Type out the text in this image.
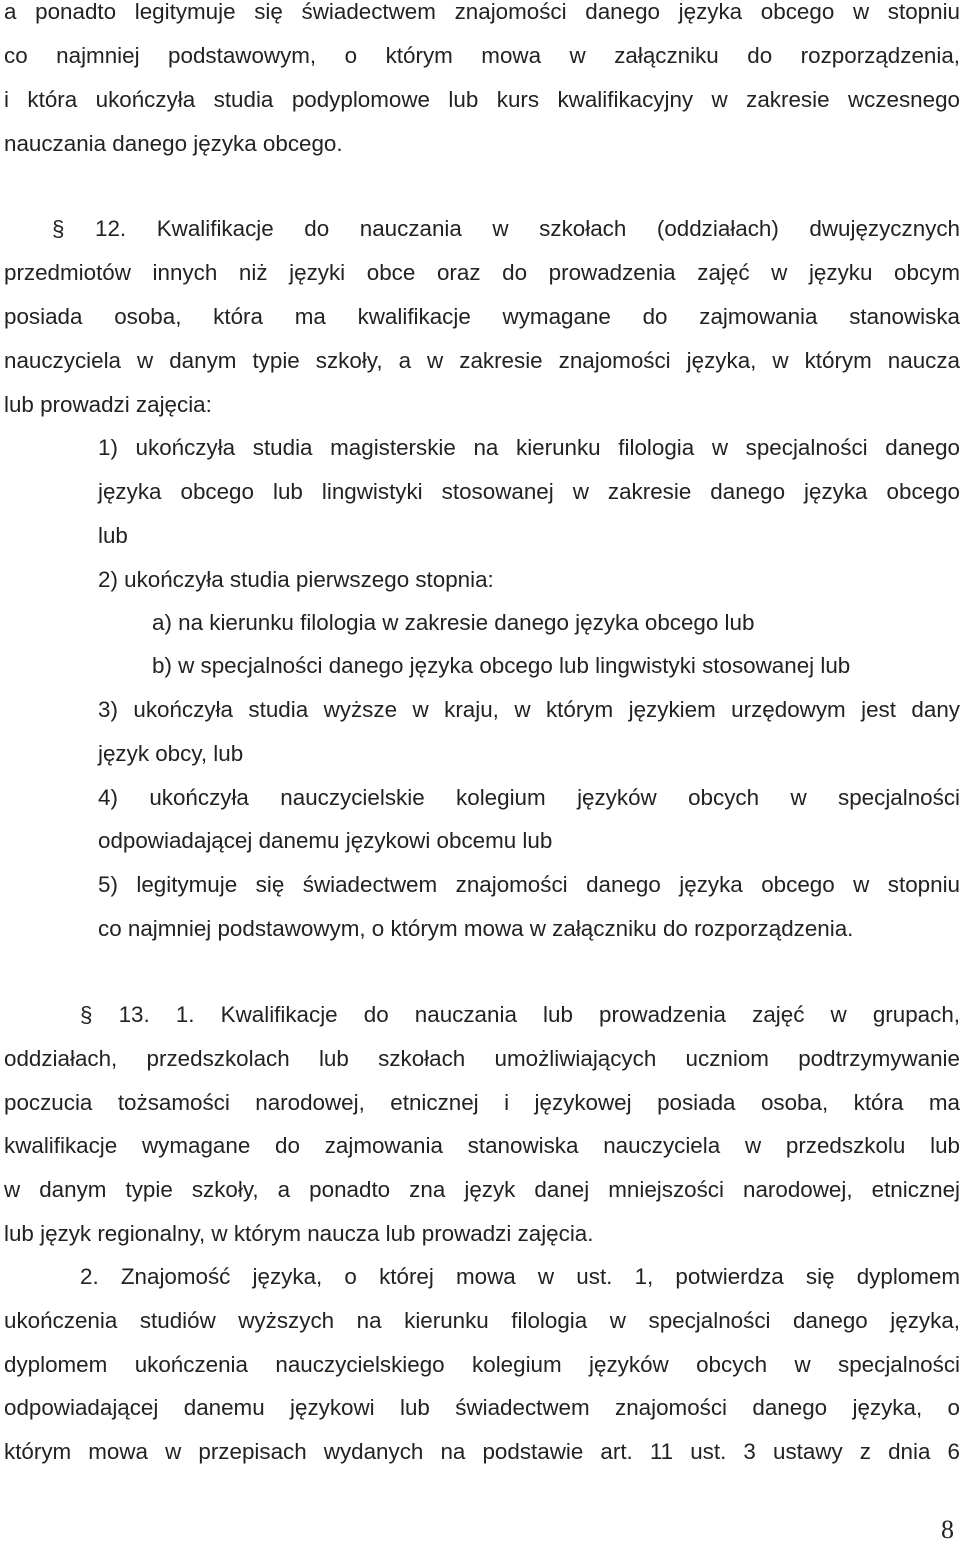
a ponadto legitymuje się świadectwem znajomości danego języka obcego w stopniu
co najmniej podstawowym, o którym mowa w załączniku do rozporządzenia,
i która ukończyła studia podyplomowe lub kurs kwalifikacyjny w zakresie wczesnego
nauczania danego języka obcego.
§ 12. Kwalifikacje do nauczania w szkołach (oddziałach) dwujęzycznych
przedmiotów innych niż języki obce oraz do prowadzenia zajęć w języku obcym
posiada osoba, która ma kwalifikacje wymagane do zajmowania stanowiska
nauczyciela w danym typie szkoły, a w zakresie znajomości języka, w którym naucza
lub prowadzi zajęcia:
1) ukończyła studia magisterskie na kierunku filologia w specjalności danego
języka obcego lub lingwistyki stosowanej w zakresie danego języka obcego
lub
2) ukończyła studia pierwszego stopnia:
a) na kierunku filologia w zakresie danego języka obcego lub
b) w specjalności danego języka obcego lub lingwistyki stosowanej lub
3) ukończyła studia wyższe w kraju, w którym językiem urzędowym jest dany
język obcy, lub
4) ukończyła nauczycielskie kolegium języków obcych w specjalności
odpowiadającej danemu językowi obcemu lub
5) legitymuje się świadectwem znajomości danego języka obcego w stopniu
co najmniej podstawowym, o którym mowa w załączniku do rozporządzenia.
§ 13. 1. Kwalifikacje do nauczania lub prowadzenia zajęć w grupach,
oddziałach, przedszkolach lub szkołach umożliwiających uczniom podtrzymywanie
poczucia tożsamości narodowej, etnicznej i językowej posiada osoba, która ma
kwalifikacje wymagane do zajmowania stanowiska nauczyciela w przedszkolu lub
w danym typie szkoły, a ponadto zna język danej mniejszości narodowej, etnicznej
lub język regionalny, w którym naucza lub prowadzi zajęcia.
2. Znajomość języka, o której mowa w ust. 1, potwierdza się dyplomem
ukończenia studiów wyższych na kierunku filologia w specjalności danego języka,
dyplomem ukończenia nauczycielskiego kolegium języków obcych w specjalności
odpowiadającej danemu językowi lub świadectwem znajomości danego języka, o
którym mowa w przepisach wydanych na podstawie art. 11 ust. 3 ustawy z dnia 6
8
